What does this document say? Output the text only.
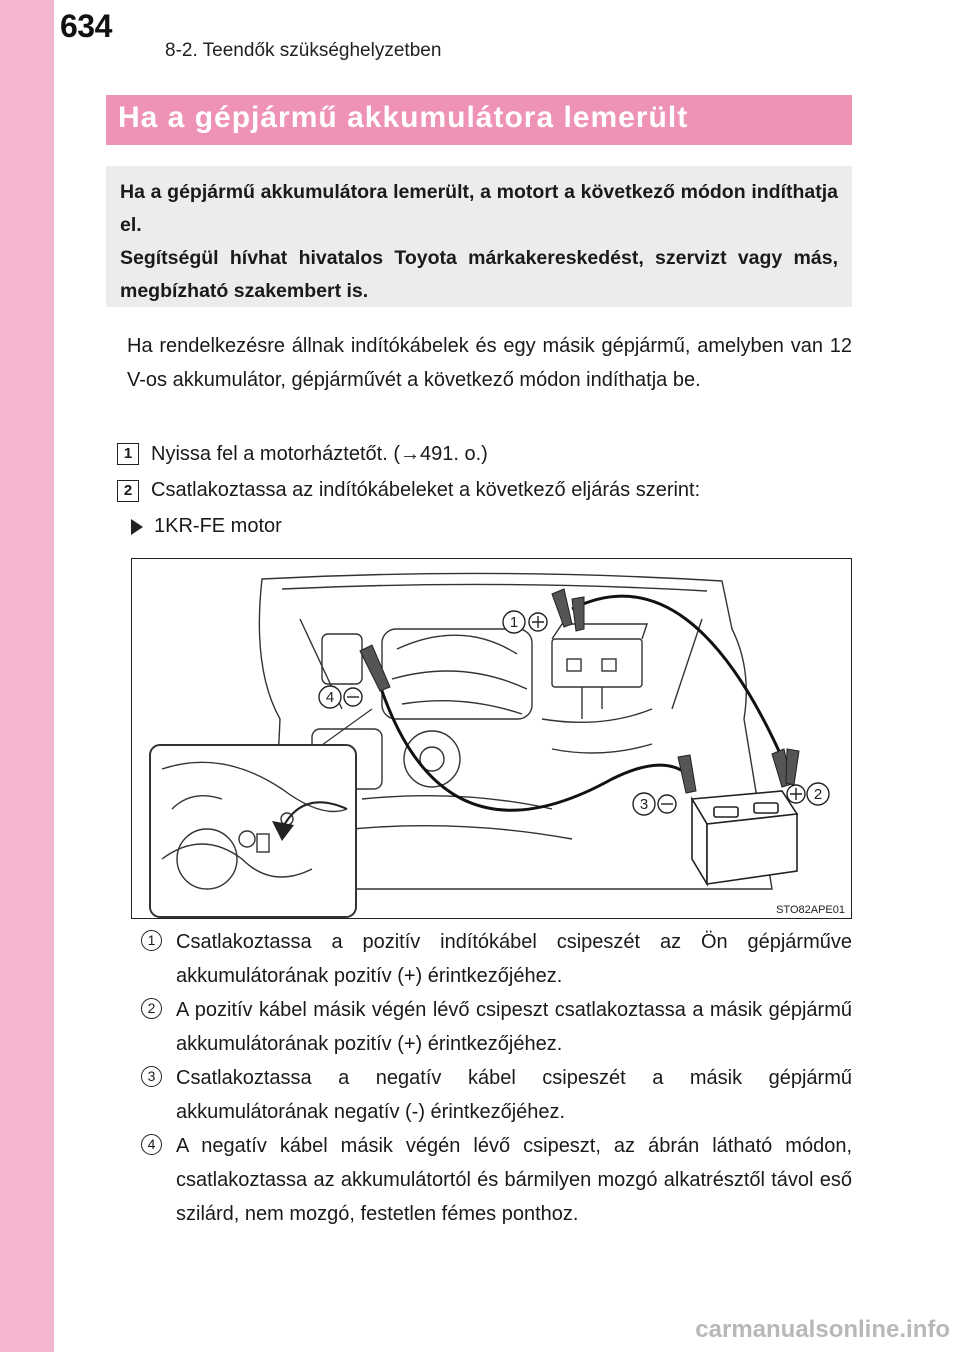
634
8-2. Teendők szükséghelyzetben
Ha a gépjármű akkumulátora lemerült

Ha a gépjármű akkumulátora lemerült, a motort a következő módon indíthatja el.

Segítségül hívhat hivatalos Toyota márkakereskedést, szervizt vagy más, megbízható szakembert is.

Ha rendelkezésre állnak indítókábelek és egy másik gépjármű, amelyben van 12 V-os akkumulátor, gépjárművét a következő módon indíthatja be.

1 Nyissa fel a motorháztetőt. (→491. o.)
2 Csatlakoztassa az indítókábeleket a következő eljárás szerint:
1KR-FE motor
1
2
3
4
STO82APE01
1	Csatlakoztassa a pozitív indítókábel csipeszét az Ön gépjárműve akkumulátorának pozitív (+) érintkezőjéhez.

2	A pozitív kábel másik végén lévő csipeszt csatlakoztassa a másik gépjármű akkumulátorának pozitív (+) érintkezőjéhez.

3	Csatlakoztassa a negatív kábel csipeszét a másik gépjármű akkumulátorának negatív (-) érintkezőjéhez.

4	A negatív kábel másik végén lévő csipeszt, az ábrán látható módon, csatlakoztassa az akkumulátortól és bármilyen mozgó alkatrésztől távol eső szilárd, nem mozgó, festetlen fémes ponthoz.

carmanualsonline.info
